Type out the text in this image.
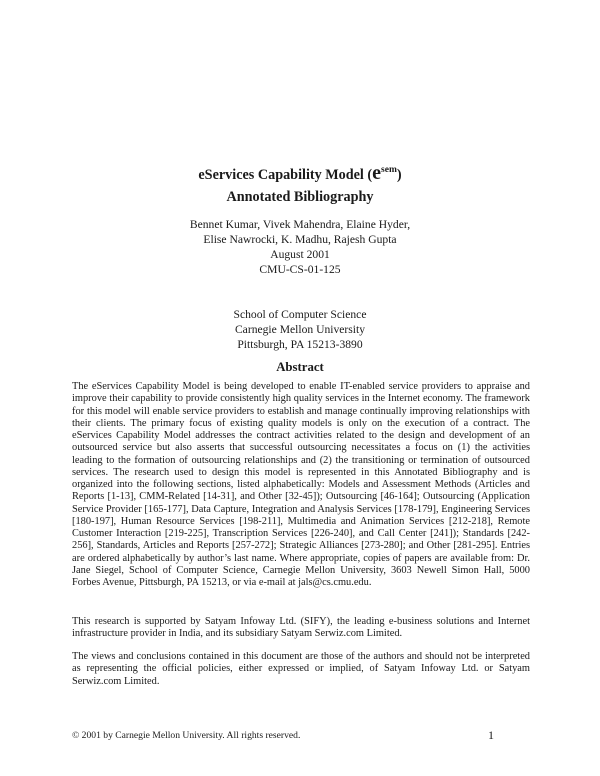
eServices Capability Model $(e^{sem})$
Annotated Bibliography
Bennet Kumar, Vivek Mahendra, Elaine Hyder,
Elise Nawrocki, K. Madhu, Rajesh Gupta
August 2001
CMU-CS-01-125
School of Computer Science
Carnegie Mellon University
Pittsburgh, PA 15213-3890
Abstract
The eServices Capability Model is being developed to enable IT-enabled service providers to appraise and improve their capability to provide consistently high quality services in the Internet economy. The framework for this model will enable service providers to establish and manage continually improving relationships with their clients. The primary focus of existing quality models is only on the execution of a contract. The eServices Capability Model addresses the contract activities related to the design and development of an outsourced service but also asserts that successful outsourcing necessitates a focus on (1) the activities leading to the formation of outsourcing relationships and (2) the transitioning or termination of outsourced services. The research used to design this model is represented in this Annotated Bibliography and is organized into the following sections, listed alphabetically: Models and Assessment Methods (Articles and Reports [1-13], CMM-Related [14-31], and Other [32-45]); Outsourcing [46-164]; Outsourcing (Application Service Provider [165-177], Data Capture, Integration and Analysis Services [178-179], Engineering Services [180-197], Human Resource Services [198-211], Multimedia and Animation Services [212-218], Remote Customer Interaction [219-225], Transcription Services [226-240], and Call Center [241]); Standards [242-256], Standards, Articles and Reports [257-272]; Strategic Alliances [273-280]; and Other [281-295]. Entries are ordered alphabetically by author’s last name. Where appropriate, copies of papers are available from: Dr. Jane Siegel, School of Computer Science, Carnegie Mellon University, 3603 Newell Simon Hall, 5000 Forbes Avenue, Pittsburgh, PA 15213, or via e-mail at jals@cs.cmu.edu.
This research is supported by Satyam Infoway Ltd. (SIFY), the leading e-business solutions and Internet infrastructure provider in India, and its subsidiary Satyam Serwiz.com Limited.
The views and conclusions contained in this document are those of the authors and should not be interpreted as representing the official policies, either expressed or implied, of Satyam Infoway Ltd. or Satyam Serwiz.com Limited.
© 2001 by Carnegie Mellon University. All rights reserved.	1
